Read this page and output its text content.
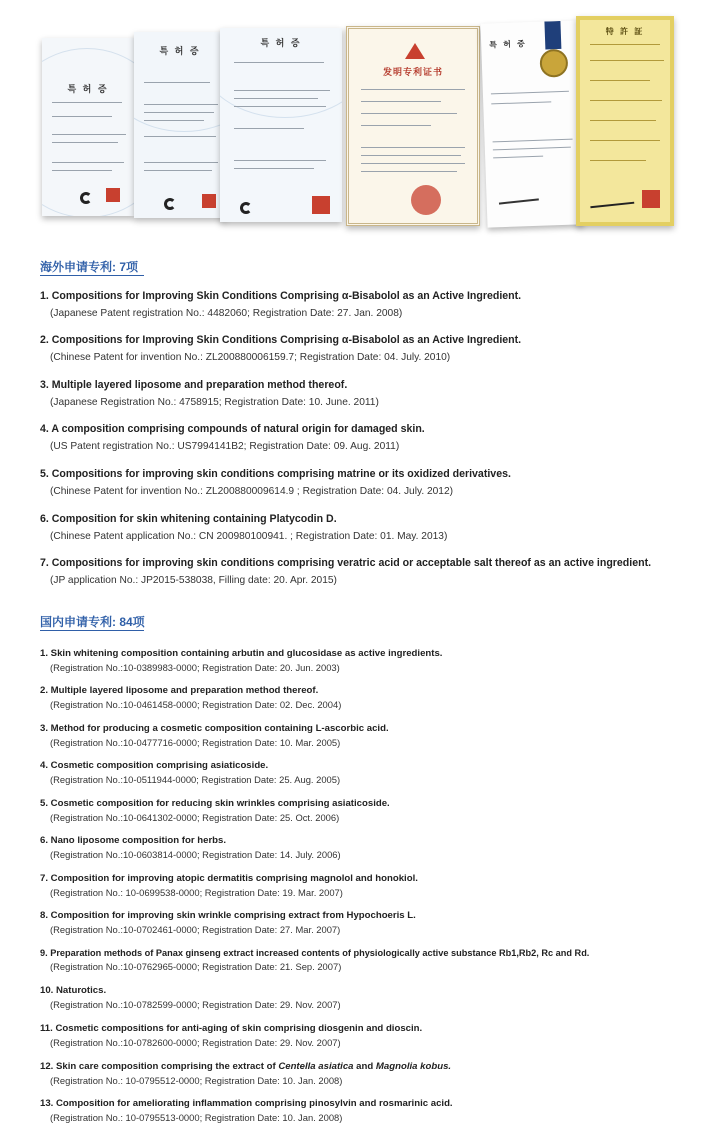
특 허 증
특 허 증
특 허 증
发明专利证书
특 허 증
特 許 証
海外申请专利: 7项
1. Compositions for Improving Skin Conditions Comprising α-Bisabolol as an Active Ingredient.
(Japanese Patent registration No.: 4482060; Registration Date: 27. Jan. 2008)
2. Compositions for Improving Skin Conditions Comprising α-Bisabolol as an Active Ingredient.
(Chinese Patent for invention No.: ZL200880006159.7; Registration Date: 04. July. 2010)
3. Multiple layered liposome and preparation method thereof.
(Japanese Registration No.: 4758915; Registration Date: 10. June. 2011)
4. A composition comprising compounds of natural origin for damaged skin.
(US Patent registration No.: US7994141B2; Registration Date: 09. Aug. 2011)
5. Compositions for improving skin conditions comprising matrine or its oxidized derivatives.
(Chinese Patent for invention No.: ZL200880009614.9 ; Registration Date: 04. July. 2012)
6. Composition for skin whitening containing Platycodin D.
(Chinese Patent application No.: CN 200980100941. ; Registration Date: 01. May. 2013)
7. Compositions for improving skin conditions comprising veratric acid or acceptable salt thereof as an active ingredient.
(JP application No.: JP2015-538038, Filling date: 20. Apr. 2015)
国内申请专利: 84项
1. Skin whitening composition containing arbutin and glucosidase as active ingredients.
(Registration No.:10-0389983-0000; Registration Date: 20. Jun. 2003)
2. Multiple layered liposome and preparation method thereof.
(Registration No.:10-0461458-0000; Registration Date: 02. Dec. 2004)
3. Method for producing a cosmetic composition containing L-ascorbic acid.
(Registration No.:10-0477716-0000; Registration Date: 10. Mar. 2005)
4. Cosmetic composition comprising asiaticoside.
(Registration No.:10-0511944-0000; Registration Date: 25. Aug. 2005)
5. Cosmetic composition for reducing skin wrinkles comprising asiaticoside.
(Registration No.:10-0641302-0000; Registration Date: 25. Oct. 2006)
6. Nano liposome composition for herbs.
(Registration No.:10-0603814-0000; Registration Date: 14. July. 2006)
7. Composition for improving atopic dermatitis comprising magnolol and honokiol.
(Registration No.: 10-0699538-0000; Registration Date: 19. Mar. 2007)
8. Composition for improving skin wrinkle comprising extract from Hypochoeris L.
(Registration No.:10-0702461-0000; Registration Date: 27. Mar. 2007)
9. Preparation methods of Panax ginseng extract increased contents of physiologically active substance Rb1,Rb2, Rc and Rd.
(Registration No.:10-0762965-0000; Registration Date: 21. Sep. 2007)
10. Naturotics.
(Registration No.:10-0782599-0000; Registration Date: 29. Nov. 2007)
11. Cosmetic compositions for anti-aging of skin comprising diosgenin and dioscin.
(Registration No.:10-0782600-0000; Registration Date: 29. Nov. 2007)
12. Skin care composition comprising the extract of Centella asiatica and Magnolia kobus.
(Registration No.: 10-0795512-0000; Registration Date: 10. Jan. 2008)
13. Composition for ameliorating inflammation comprising pinosylvin and rosmarinic acid.
(Registration No.: 10-0795513-0000; Registration Date: 10. Jan. 2008)
